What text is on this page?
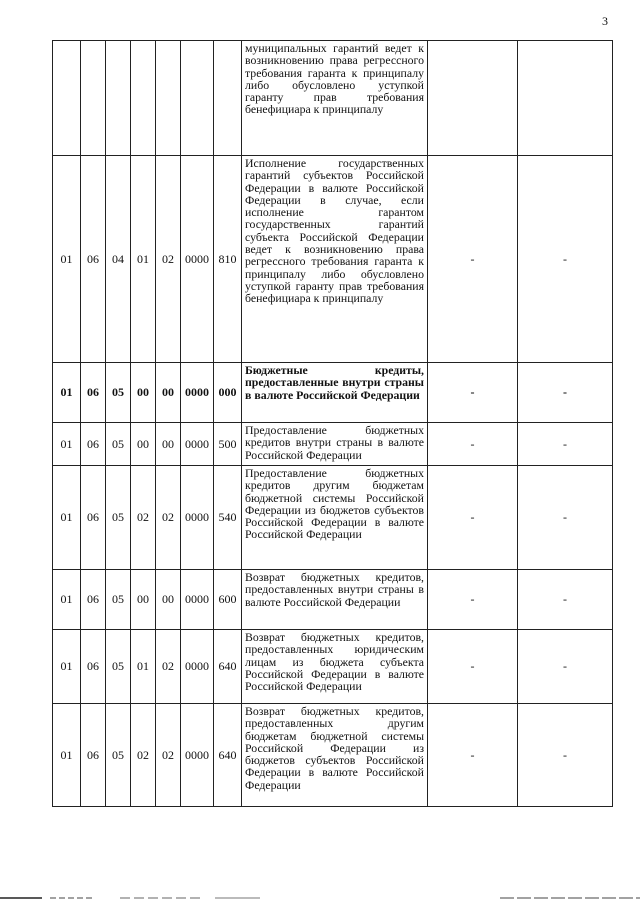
3
							муниципальных гарантий ведет к возникновению права регрессного требования гаранта к принципалу либо обусловлено уступкой гаранту прав требования бенефициара к принципалу		
01	06	04	01	02	0000	810	Исполнение государственных гарантий субъектов Российской Федерации в валюте Российской Федерации в случае, если исполнение гарантом государственных гарантий субъекта Российской Федерации ведет к возникновению права регрессного требования гаранта к принципалу либо обусловлено уступкой гаранту прав требования бенефициара к принципалу	-	-
01	06	05	00	00	0000	000	Бюджетные кредиты, предоставленные внутри страны в валюте Российской Федерации	-	-
01	06	05	00	00	0000	500	Предоставление бюджетных кредитов внутри страны в валюте Российской Федерации	-	-
01	06	05	02	02	0000	540	Предоставление бюджетных кредитов другим бюджетам бюджетной системы Российской Федерации из бюджетов субъектов Российской Федерации в валюте Российской Федерации	-	-
01	06	05	00	00	0000	600	Возврат бюджетных кредитов, предоставленных внутри страны в валюте Российской Федерации	-	-
01	06	05	01	02	0000	640	Возврат бюджетных кредитов, предоставленных юридическим лицам из бюджета субъекта Российской Федерации в валюте Российской Федерации	-	-
01	06	05	02	02	0000	640	Возврат бюджетных кредитов, предоставленных другим бюджетам бюджетной системы Российской Федерации из бюджетов субъектов Российской Федерации в валюте Российской Федерации	-	-
